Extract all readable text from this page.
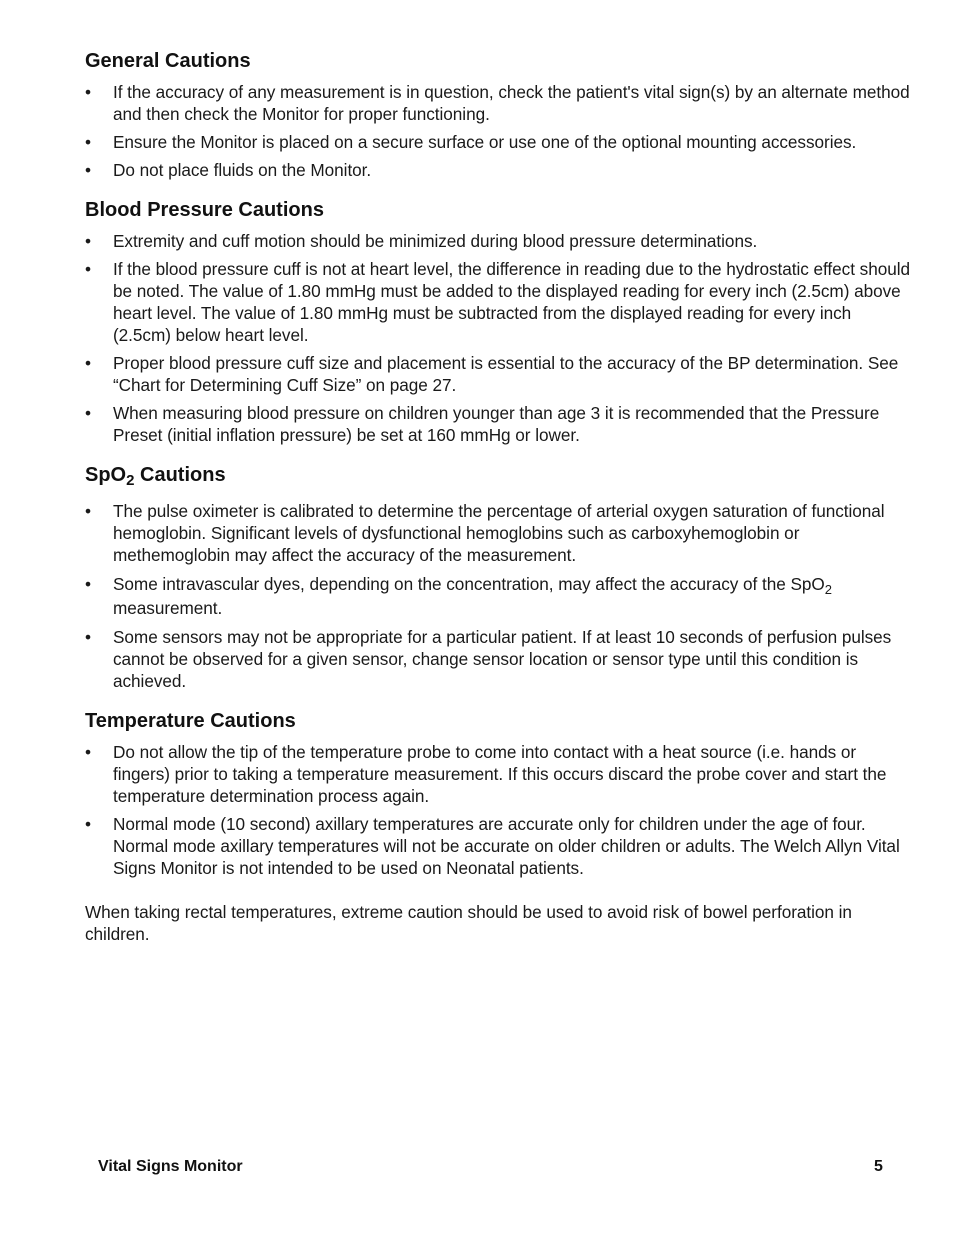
General Cautions
•	If the accuracy of any measurement is in question, check the patient's vital sign(s) by an alternate method and then check the Monitor for proper functioning.
•	Ensure the Monitor is placed on a secure surface or use one of the optional mounting accessories.
•	Do not place fluids on the Monitor.
Blood Pressure Cautions
•	Extremity and cuff motion should be minimized during blood pressure determinations.
•	If the blood pressure cuff is not at heart level, the difference in reading due to the hydrostatic effect should be noted. The value of 1.80 mmHg must be added to the displayed reading for every inch (2.5cm) above heart level. The value of 1.80 mmHg must be subtracted from the displayed reading for every inch (2.5cm) below heart level.
•	Proper blood pressure cuff size and placement is essential to the accuracy of the BP determination. See “Chart for Determining Cuff Size” on page 27.
•	When measuring blood pressure on children younger than age 3 it is recommended that the Pressure Preset (initial inflation pressure) be set at 160 mmHg or lower.
SpO$_2$ Cautions
•	The pulse oximeter is calibrated to determine the percentage of arterial oxygen saturation of functional hemoglobin. Significant levels of dysfunctional hemoglobins such as carboxyhemoglobin or methemoglobin may affect the accuracy of the measurement.
•	Some intravascular dyes, depending on the concentration, may affect the accuracy of the SpO$_2$
measurement.
•	Some sensors may not be appropriate for a particular patient. If at least 10 seconds of perfusion pulses cannot be observed for a given sensor, change sensor location or sensor type until this condition is achieved.
Temperature Cautions
•	Do not allow the tip of the temperature probe to come into contact with a heat source (i.e. hands or fingers) prior to taking a temperature measurement. If this occurs discard the probe cover and start the temperature determination process again.
•	Normal mode (10 second) axillary temperatures are accurate only for children under the age of four. Normal mode axillary temperatures will not be accurate on older children or adults. The Welch Allyn Vital Signs Monitor is not intended to be used on Neonatal patients.

When taking rectal temperatures, extreme caution should be used to avoid risk of bowel perforation in children.

Vital Signs Monitor	5
